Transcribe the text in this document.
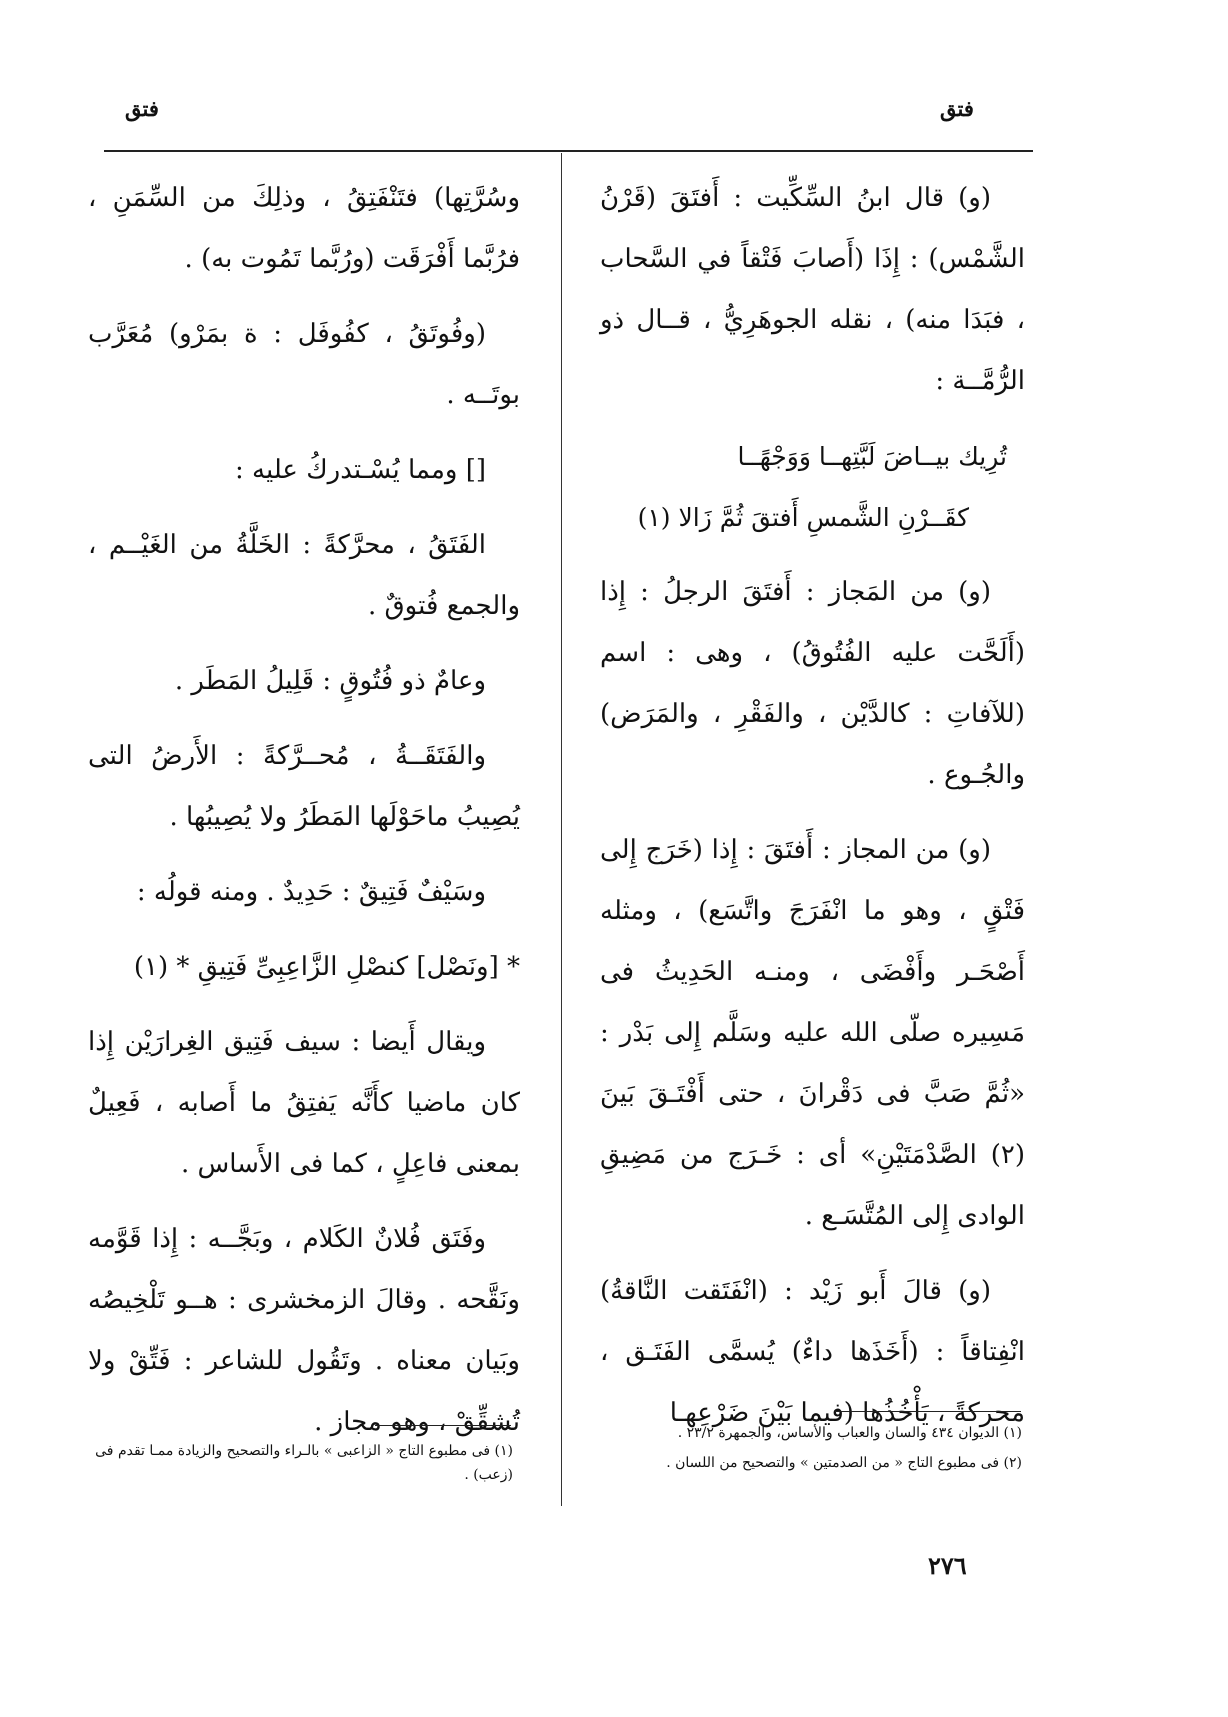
فتق
فتق

(و) قال ابنُ السِّكِّيت : أَفتَقَ (قَرْنُ الشَّمْس) : إِذَا (أَصابَ فَتْقاً في السَّحاب ، فبَدَا منه) ، نقله الجوهَرِيُّ ، قــال ذو الرُّمَّــة :

تُرِيك بيــاضَ لَبَّتِهــا وَوَجْهًــا
كقَــرْنِ الشَّمسِ أَفتقَ ثُمَّ زَالا (١)

(و) من المَجاز : أَفتَقَ الرجلُ : إِذا (أَلَحَّت عليه الفُتُوقُ) ، وهى : اسم (للآفاتِ : كالدَّيْن ، والفَقْرِ ، والمَرَض) والجُـوع .

(و) من المجاز : أَفتَقَ : إِذا (خَرَج إِلى فَتْقٍ ، وهو ما انْفَرَجَ واتَّسَع) ، ومثله أَصْحَـر وأَفْضَى ، ومنـه الحَدِيثُ فى مَسِيره صلّى الله عليه وسَلَّم إِلى بَدْر : «ثُمَّ صَبَّ فى دَقْرانَ ، حتى أَفْتَـقَ بَينَ (٢) الصَّدْمَتَيْنِ» أى : خَـرَج من مَضِيقِ الوادى إِلى المُتَّسَـع .

(و) قالَ أَبو زَيْد : (انْفَتَقت النَّاقةُ) انْفِتاقاً : (أَخَذَها داءٌ) يُسمَّى الفَتَـق ، محركةً ، يَأْخُذُها (فيما بَيْنَ ضَرْعِهـا

وسُرَّتِها) فتَنْفَتِقُ ، وذلِكَ من السِّمَنِ ، فرُبَّما أَفْرَقَت (ورُبَّما تَمُوت به) .

(وفُوتَقُ ، كفُوفَل : ة بمَرْو) مُعَرَّب بوتَــه .

[] ومما يُسْـتدركُ عليه :

الفَتَقُ ، محرَّكةً : الخَلَّةُ من الغَيْــم ، والجمع فُتوقٌ .

وعامٌ ذو فُتُوقٍ : قَلِيلُ المَطَر .

والفَتَقَــةُ ، مُحــرَّكةً : الأَرضُ التى يُصِيبُ ماحَوْلَها المَطَرُ ولا يُصِيبُها .

وسَيْفٌ فَتِيقٌ : حَدِيدٌ . ومنه قولُه :

* [ونَصْل] كنصْلِ الزَّاعِبِىِّ فَتِيقِ * (١)

ويقال أَيضا : سيف فَتِيق الغِرارَيْن إِذا كان ماضيا كأَنَّه يَفتِقُ ما أَصابه ، فَعِيلٌ بمعنى فاعِلٍ ، كما فى الأَساس .

وفَتَق فُلانٌ الكَلام ، وبَجَّــه : إِذا قَوَّمه ونَقَّحه . وقالَ الزمخشرى : هــو تَلْخِيصُه وبَيان معناه . وتَقُول للشاعر : فَتِّقْ ولا تُشقِّقْ ، وهو مجاز .	(١) الديوان ٤٣٤ والسان والعباب والأساس، والجمهرة ٢٣/٢ .

(٢) فى مطبوع التاج « من الصدمتين » والتصحيح من اللسان .

(١) فى مطبوع التاج « الزاعبى » بالـراء والتصحيح والزيادة ممـا تقدم فى (زعب) .

٢٧٦
